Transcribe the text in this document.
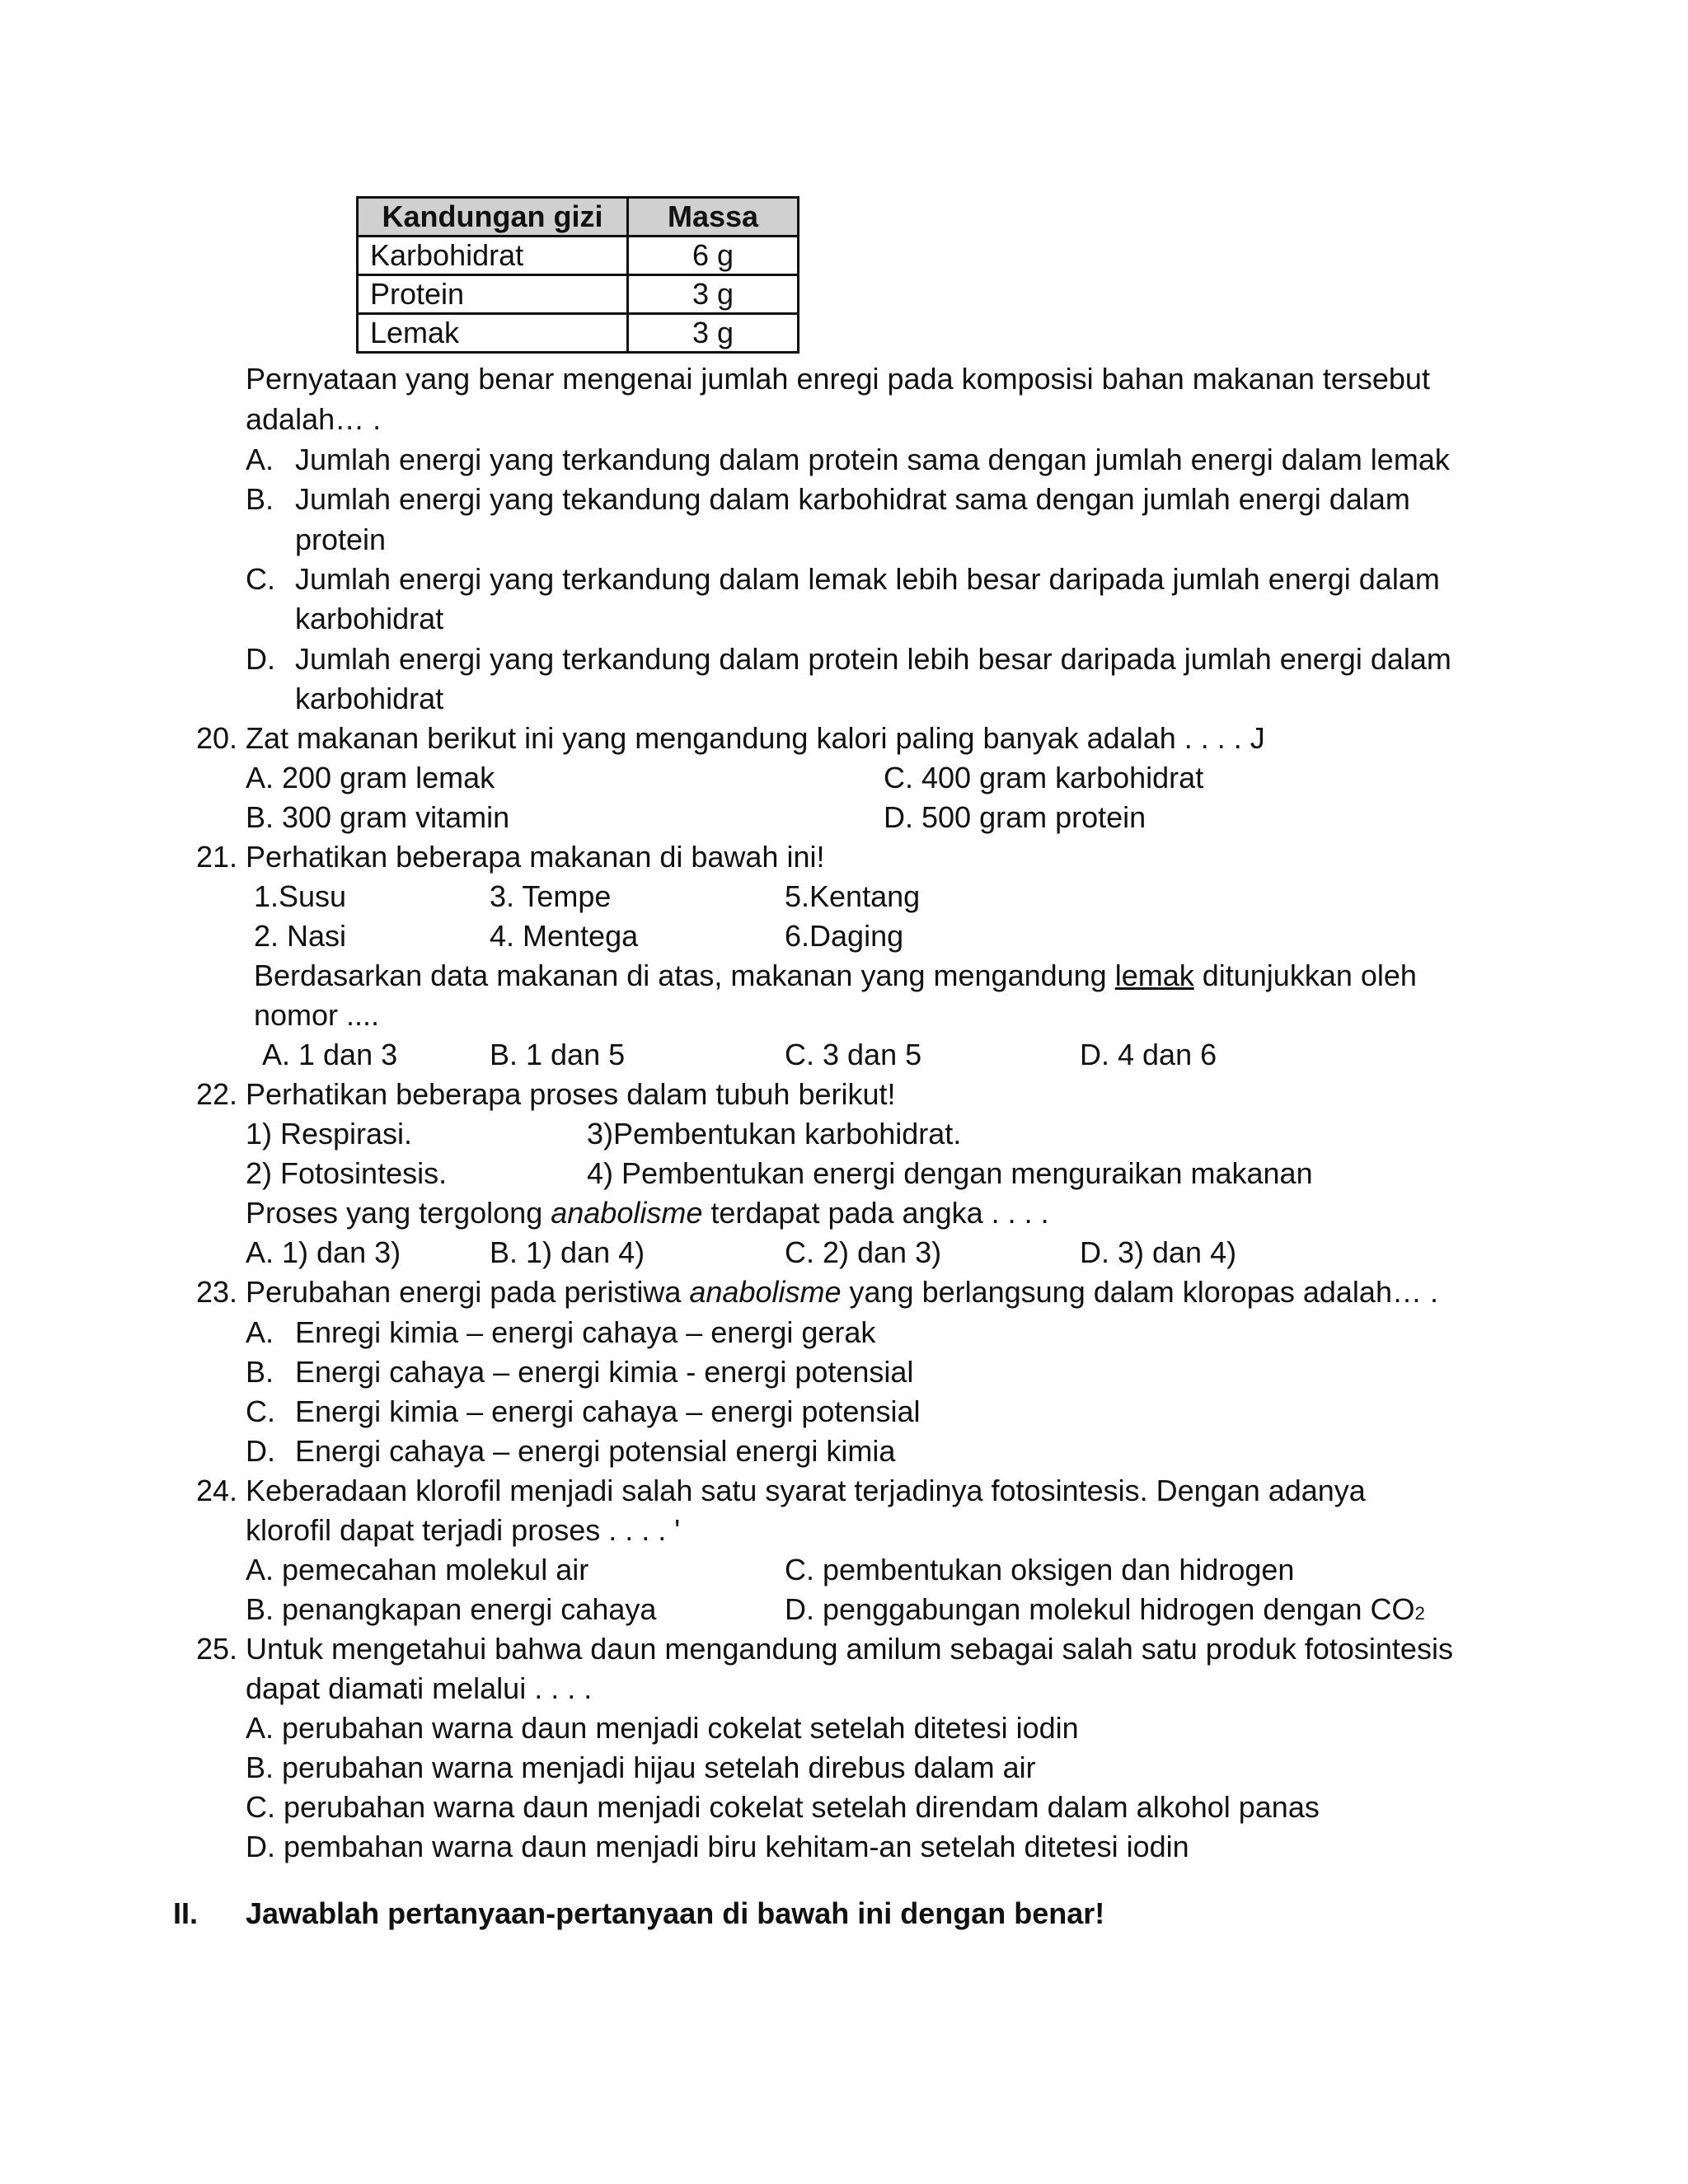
Kandungan gizi	Massa
Karbohidrat	6 g
Protein	3 g
Lemak	3 g
Pernyataan yang benar mengenai jumlah enregi pada komposisi bahan makanan tersebut
adalah… .
A. Jumlah energi yang terkandung dalam protein sama dengan jumlah energi dalam lemak
B. Jumlah energi yang tekandung dalam karbohidrat sama dengan jumlah energi dalam
protein
C. Jumlah energi yang terkandung dalam lemak lebih besar daripada jumlah energi dalam
karbohidrat
D. Jumlah energi yang terkandung dalam protein lebih besar daripada jumlah energi dalam
karbohidrat
20. Zat makanan berikut ini yang mengandung kalori paling banyak adalah . . . . J
A. 200 gram lemak	C. 400 gram karbohidrat
B. 300 gram vitamin	D. 500 gram protein
21. Perhatikan beberapa makanan di bawah ini!
1.Susu	3. Tempe	5.Kentang
2. Nasi	4. Mentega	6.Daging
Berdasarkan data makanan di atas, makanan yang mengandung lemak ditunjukkan oleh
nomor ....
A. 1 dan 3	B. 1 dan 5	C. 3 dan 5	D. 4 dan 6
22. Perhatikan beberapa proses dalam tubuh berikut!
1) Respirasi.	3)Pembentukan karbohidrat.
2) Fotosintesis.	4) Pembentukan energi dengan menguraikan makanan
Proses yang tergolong anabolisme terdapat pada angka . . . .
A. 1) dan 3)	B. 1) dan 4)	C. 2) dan 3)	D. 3) dan 4)
23. Perubahan energi pada peristiwa anabolisme yang berlangsung dalam kloropas adalah… .
A. Enregi kimia – energi cahaya – energi gerak
B. Energi cahaya – energi kimia - energi potensial
C. Energi kimia – energi cahaya – energi potensial
D. Energi cahaya – energi potensial energi kimia
24. Keberadaan klorofil menjadi salah satu syarat terjadinya fotosintesis. Dengan adanya
klorofil dapat terjadi proses . . . . '
A. pemecahan molekul air	C. pembentukan oksigen dan hidrogen
B. penangkapan energi cahaya	D. penggabungan molekul hidrogen dengan CO2
25. Untuk mengetahui bahwa daun mengandung amilum sebagai salah satu produk fotosintesis
dapat diamati melalui . . . .
A. perubahan warna daun menjadi cokelat setelah ditetesi iodin
B. perubahan warna menjadi hijau setelah direbus dalam air
C. perubahan warna daun menjadi cokelat setelah direndam dalam alkohol panas
D. pembahan warna daun menjadi biru kehitam-an setelah ditetesi iodin
II. Jawablah pertanyaan-pertanyaan di bawah ini dengan benar!
